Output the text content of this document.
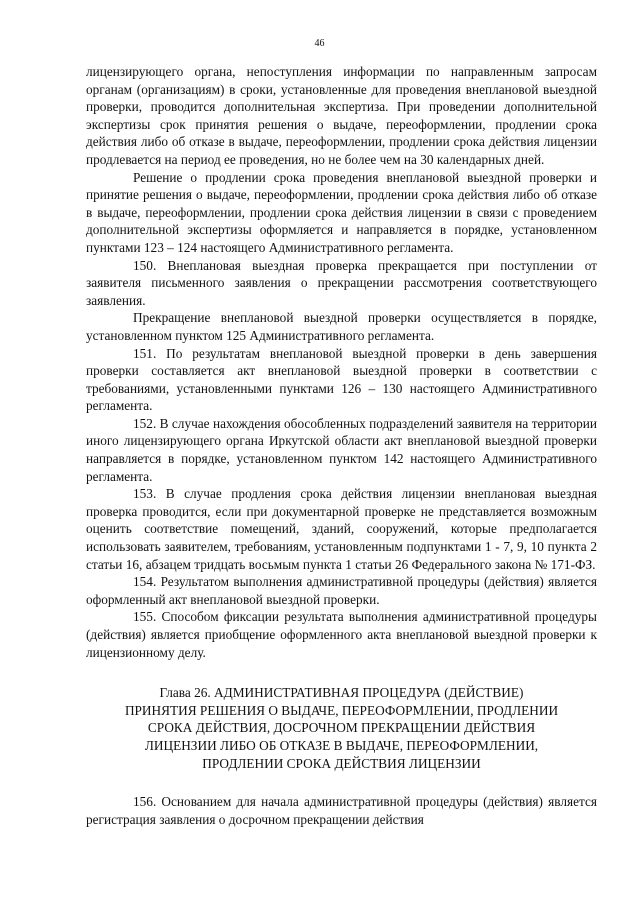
46

лицензирующего органа, непоступления информации по направленным запросам органам (организациям) в сроки, установленные для проведения внеплановой выездной проверки, проводится дополнительная экспертиза. При проведении дополнительной экспертизы срок принятия решения о выдаче, переоформлении, продлении срока действия либо об отказе в выдаче, переоформлении, продлении срока действия лицензии продлевается на период ее проведения, но не более чем на 30 календарных дней.

Решение о продлении срока проведения внеплановой выездной проверки и принятие решения о выдаче, переоформлении, продлении срока действия либо об отказе в выдаче, переоформлении, продлении срока действия лицензии в связи с проведением дополнительной экспертизы оформляется и направляется в порядке, установленном пунктами 123 – 124 настоящего Административного регламента.

150. Внеплановая выездная проверка прекращается при поступлении от заявителя письменного заявления о прекращении рассмотрения соответствующего заявления.

Прекращение внеплановой выездной проверки осуществляется в порядке, установленном пунктом 125 Административного регламента.

151. По результатам внеплановой выездной проверки в день завершения проверки составляется акт внеплановой выездной проверки в соответствии с требованиями, установленными пунктами 126 – 130 настоящего Административного регламента.

152. В случае нахождения обособленных подразделений заявителя на территории иного лицензирующего органа Иркутской области акт внеплановой выездной проверки направляется в порядке, установленном пунктом 142 настоящего Административного регламента.

153. В случае продления срока действия лицензии внеплановая выездная проверка проводится, если при документарной проверке не представляется возможным оценить соответствие помещений, зданий, сооружений, которые предполагается использовать заявителем, требованиям, установленным подпунктами 1 - 7, 9, 10 пункта 2 статьи 16, абзацем тридцать восьмым пункта 1 статьи 26 Федерального закона № 171-ФЗ.

154. Результатом выполнения административной процедуры (действия) является оформленный акт внеплановой выездной проверки.

155. Способом фиксации результата выполнения административной процедуры (действия) является приобщение оформленного акта внеплановой выездной проверки к лицензионному делу.

Глава 26. АДМИНИСТРАТИВНАЯ ПРОЦЕДУРА (ДЕЙСТВИЕ)
ПРИНЯТИЯ РЕШЕНИЯ О ВЫДАЧЕ, ПЕРЕОФОРМЛЕНИИ, ПРОДЛЕНИИ
СРОКА ДЕЙСТВИЯ, ДОСРОЧНОМ ПРЕКРАЩЕНИИ ДЕЙСТВИЯ
ЛИЦЕНЗИИ ЛИБО ОБ ОТКАЗЕ В ВЫДАЧЕ, ПЕРЕОФОРМЛЕНИИ,
ПРОДЛЕНИИ СРОКА ДЕЙСТВИЯ ЛИЦЕНЗИИ

156. Основанием для начала административной процедуры (действия) является регистрация заявления о досрочном прекращении действия
